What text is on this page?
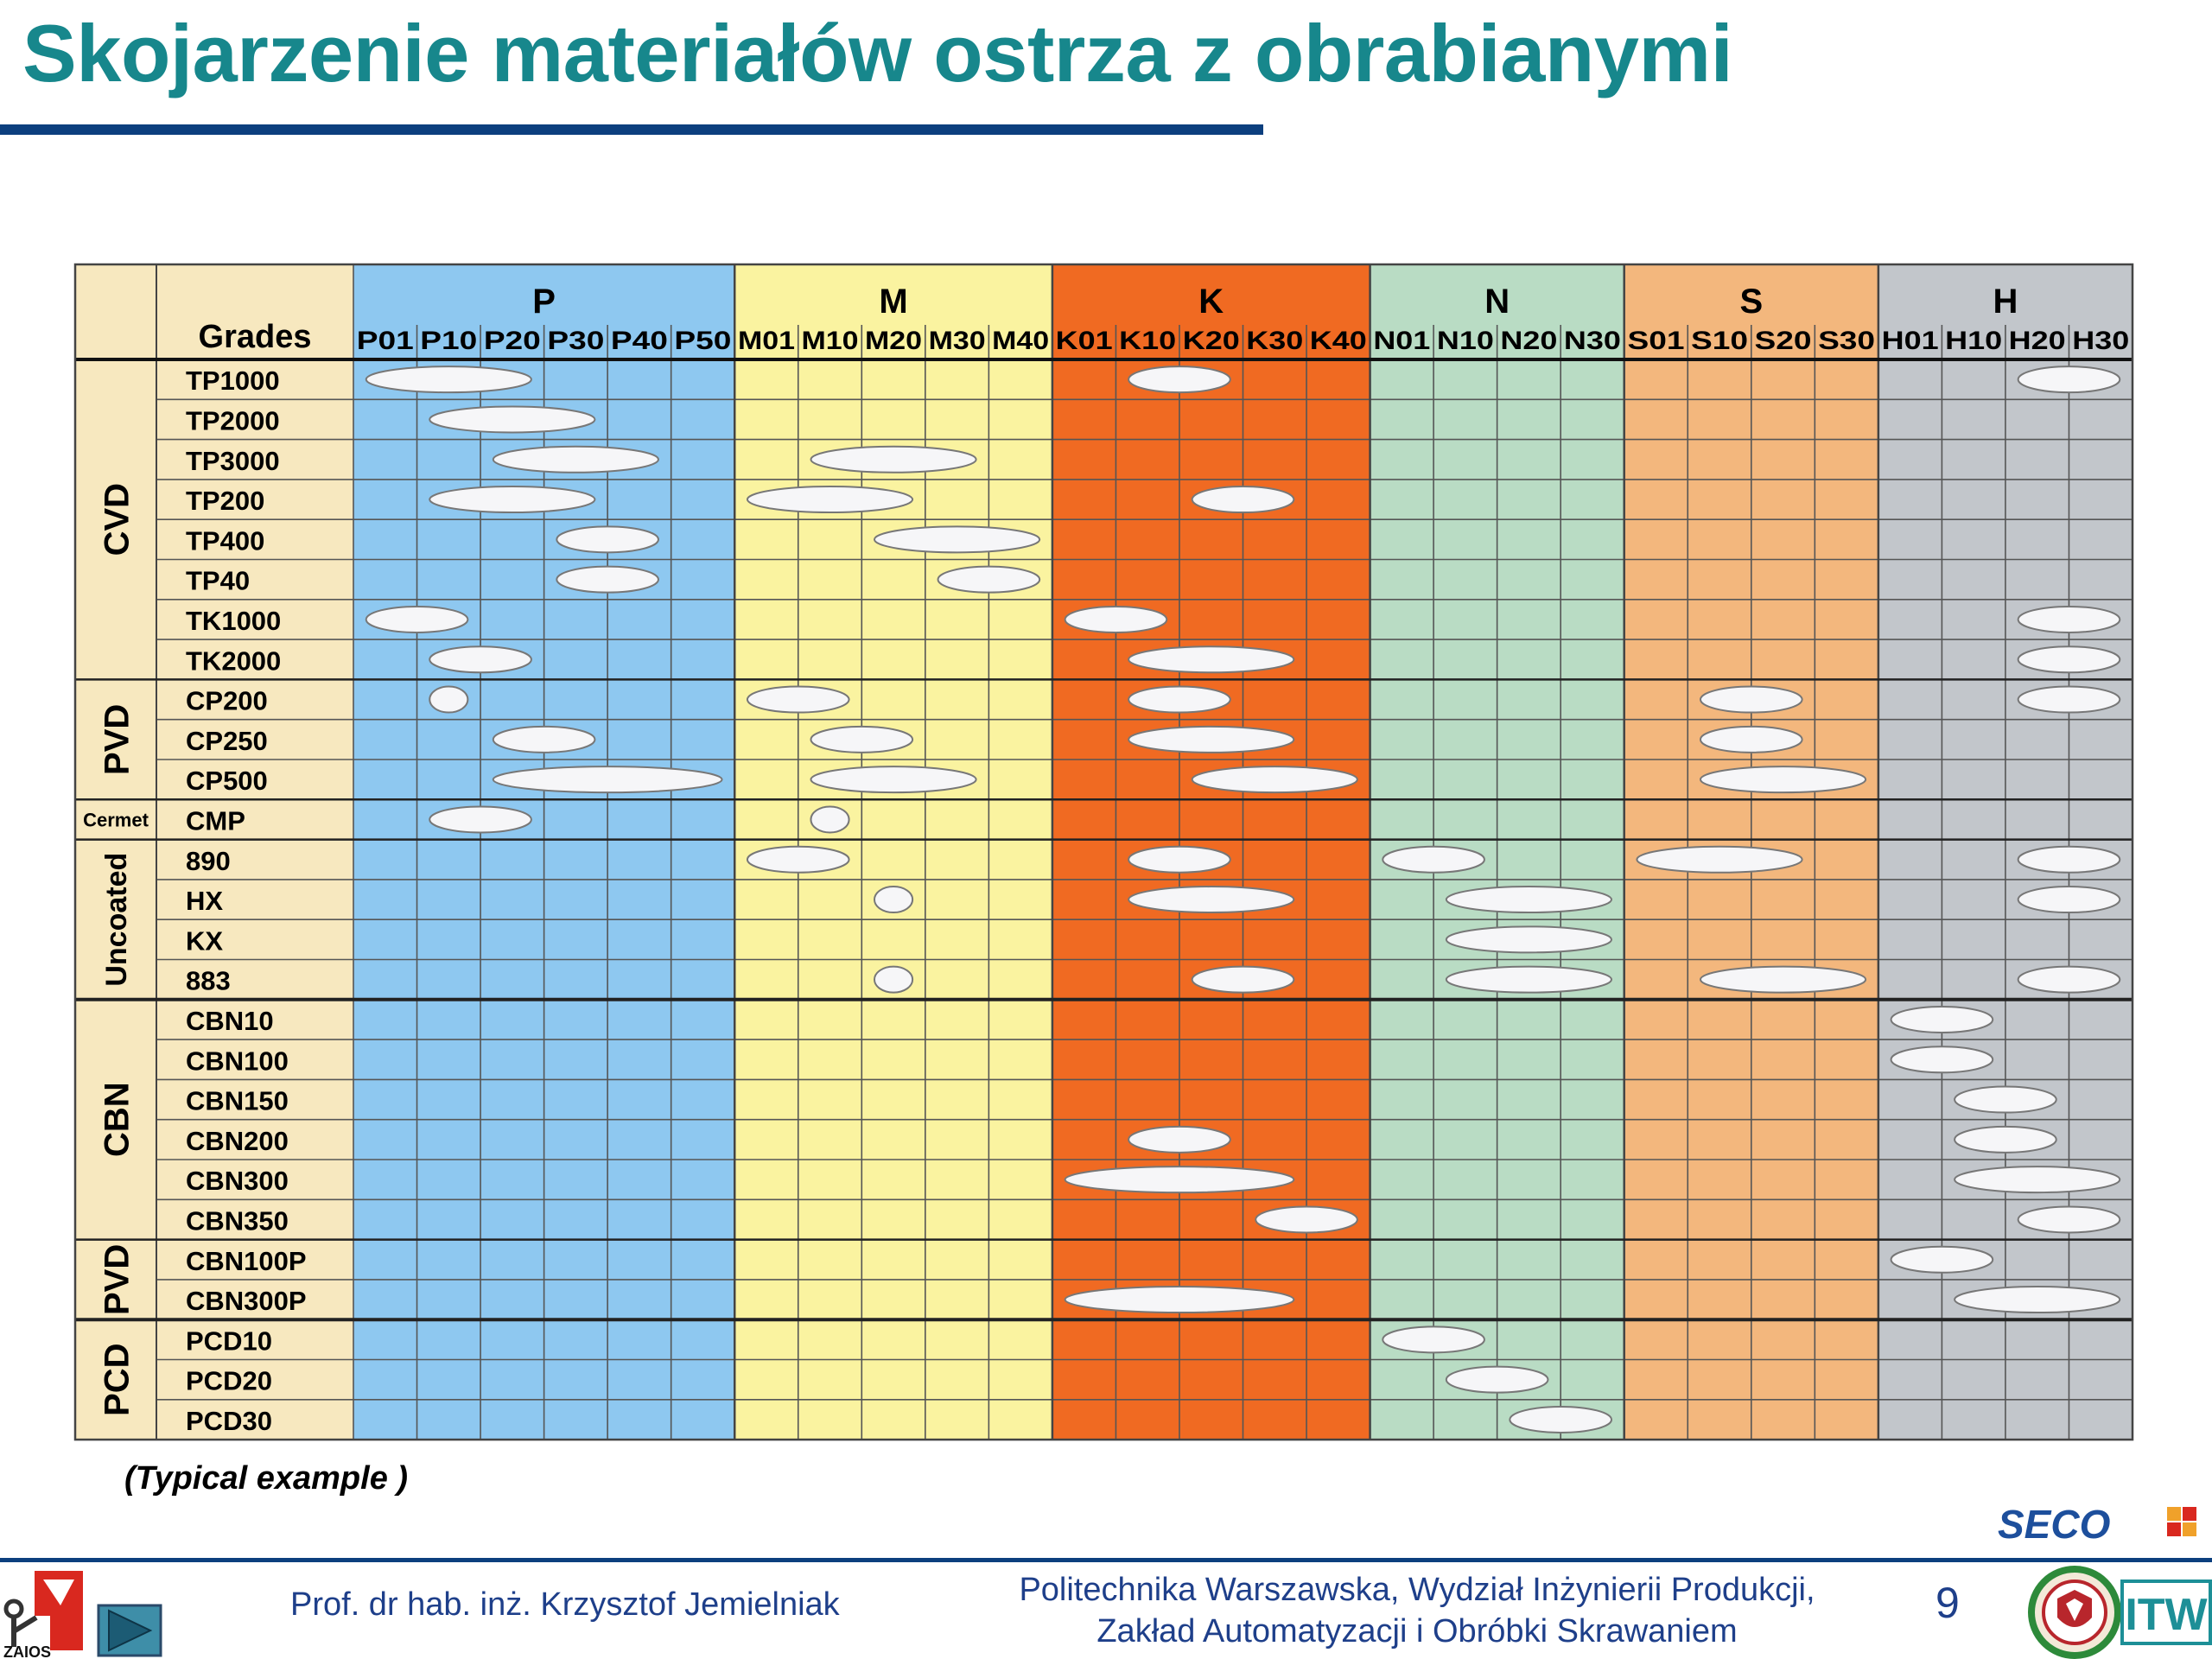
Skojarzenie materiałów ostrza z obrabianymi
P
P01 P10 P20 P30 P40 P50
M
M01 M10 M20 M30 M40
K
K01 K10 K20 K30 K40
N
N01 N10 N20 N30
S
S01 S10 S20 S30
H
H01 H10 H20 H30
CVD
PVD
Cermet
Uncoated
CBN
PVD
PCD
Grades
TP1000
TP2000
TP3000
TP200
TP400
TP40
TK1000
TK2000
CP200
CP250
CP500
CMP
890
HX
KX
883
CBN10
CBN100
CBN150
CBN200
CBN300
CBN350
CBN100P
CBN300P
PCD10
PCD20
PCD30
(Typical example )
SECO
ZAIOS
Prof. dr hab. inż. Krzysztof Jemielniak	Politechnika Warszawska, Wydział Inżynierii Produkcji,
Zakład Automatyzacji i Obróbki Skrawaniem
9	ITW
